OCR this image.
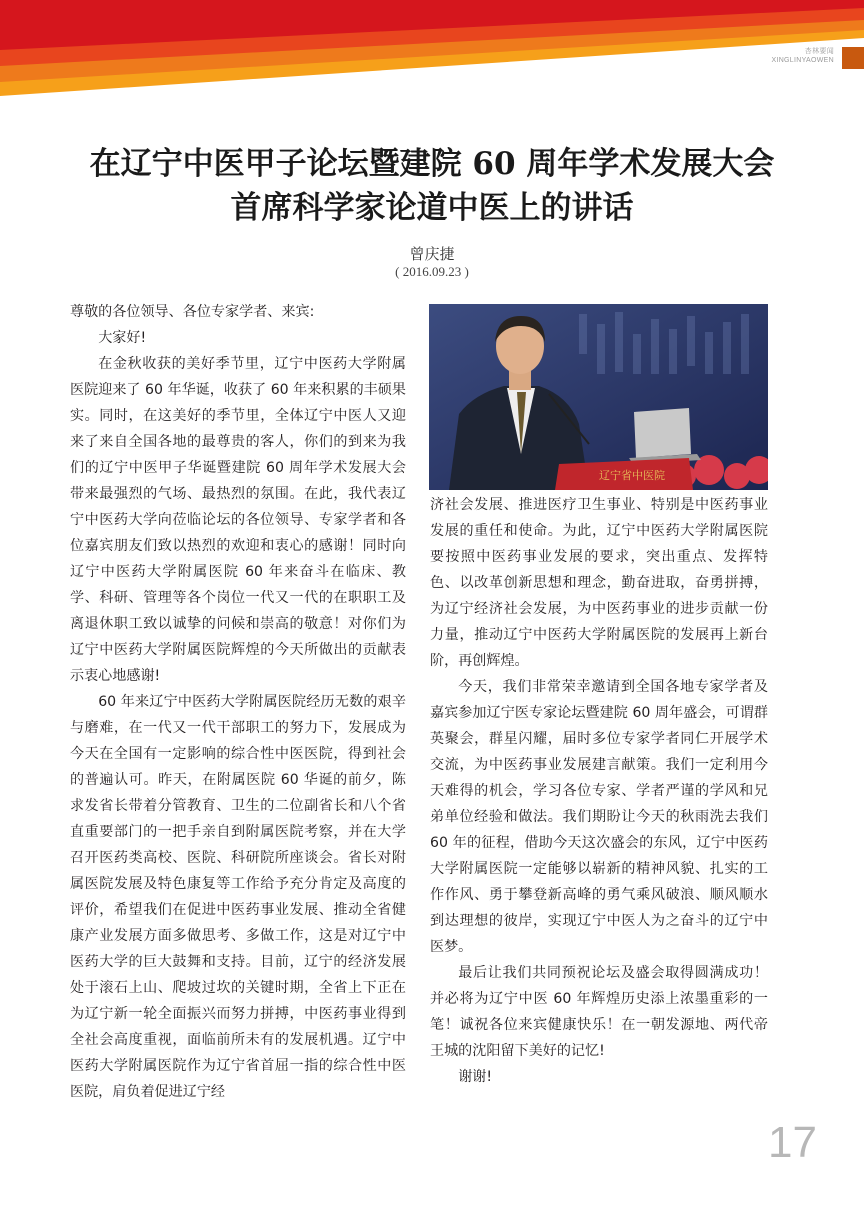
杏林要闻
XINGLINYAOWEN
在辽宁中医甲子论坛暨建院 60 周年学术发展大会
首席科学家论道中医上的讲话
曾庆捷
( 2016.09.23 )

尊敬的各位领导、各位专家学者、来宾:

大家好!

在金秋收获的美好季节里，辽宁中医药大学附属医院迎来了 60 年华诞，收获了 60 年来积累的丰硕果实。同时，在这美好的季节里，全体辽宁中医人又迎来了来自全国各地的最尊贵的客人，你们的到来为我们的辽宁中医甲子华诞暨建院 60 周年学术发展大会带来最强烈的气场、最热烈的氛围。在此，我代表辽宁中医药大学向莅临论坛的各位领导、专家学者和各位嘉宾朋友们致以热烈的欢迎和衷心的感谢！同时向辽宁中医药大学附属医院 60 年来奋斗在临床、教学、科研、管理等各个岗位一代又一代的在职职工及离退休职工致以诚挚的问候和崇高的敬意！对你们为辽宁中医药大学附属医院辉煌的今天所做出的贡献表示衷心地感谢!

60 年来辽宁中医药大学附属医院经历无数的艰辛与磨难，在一代又一代干部职工的努力下，发展成为今天在全国有一定影响的综合性中医医院，得到社会的普遍认可。昨天，在附属医院 60 华诞的前夕，陈求发省长带着分管教育、卫生的二位副省长和八个省直重要部门的一把手亲自到附属医院考察，并在大学召开医药类高校、医院、科研院所座谈会。省长对附属医院发展及特色康复等工作给予充分肯定及高度的评价，希望我们在促进中医药事业发展、推动全省健康产业发展方面多做思考、多做工作，这是对辽宁中医药大学的巨大鼓舞和支持。目前，辽宁的经济发展处于滚石上山、爬坡过坎的关键时期，全省上下正在为辽宁新一轮全面振兴而努力拼搏，中医药事业得到全社会高度重视，面临前所未有的发展机遇。辽宁中医药大学附属医院作为辽宁省首屈一指的综合性中医医院，肩负着促进辽宁经

辽宁省中医院

济社会发展、推进医疗卫生事业、特别是中医药事业发展的重任和使命。为此，辽宁中医药大学附属医院要按照中医药事业发展的要求，突出重点、发挥特色、以改革创新思想和理念，勤奋进取，奋勇拼搏，为辽宁经济社会发展，为中医药事业的进步贡献一份力量，推动辽宁中医药大学附属医院的发展再上新台阶，再创辉煌。

今天，我们非常荣幸邀请到全国各地专家学者及嘉宾参加辽宁医专家论坛暨建院 60 周年盛会，可谓群英聚会，群星闪耀，届时多位专家学者同仁开展学术交流，为中医药事业发展建言献策。我们一定利用今天难得的机会，学习各位专家、学者严谨的学风和兄弟单位经验和做法。我们期盼让今天的秋雨洗去我们 60 年的征程，借助今天这次盛会的东风，辽宁中医药大学附属医院一定能够以崭新的精神风貌、扎实的工作作风、勇于攀登新高峰的勇气乘风破浪、顺风顺水到达理想的彼岸，实现辽宁中医人为之奋斗的辽宁中医梦。

最后让我们共同预祝论坛及盛会取得圆满成功！并必将为辽宁中医 60 年辉煌历史添上浓墨重彩的一笔！诚祝各位来宾健康快乐！在一朝发源地、两代帝王城的沈阳留下美好的记忆!

谢谢!

17
